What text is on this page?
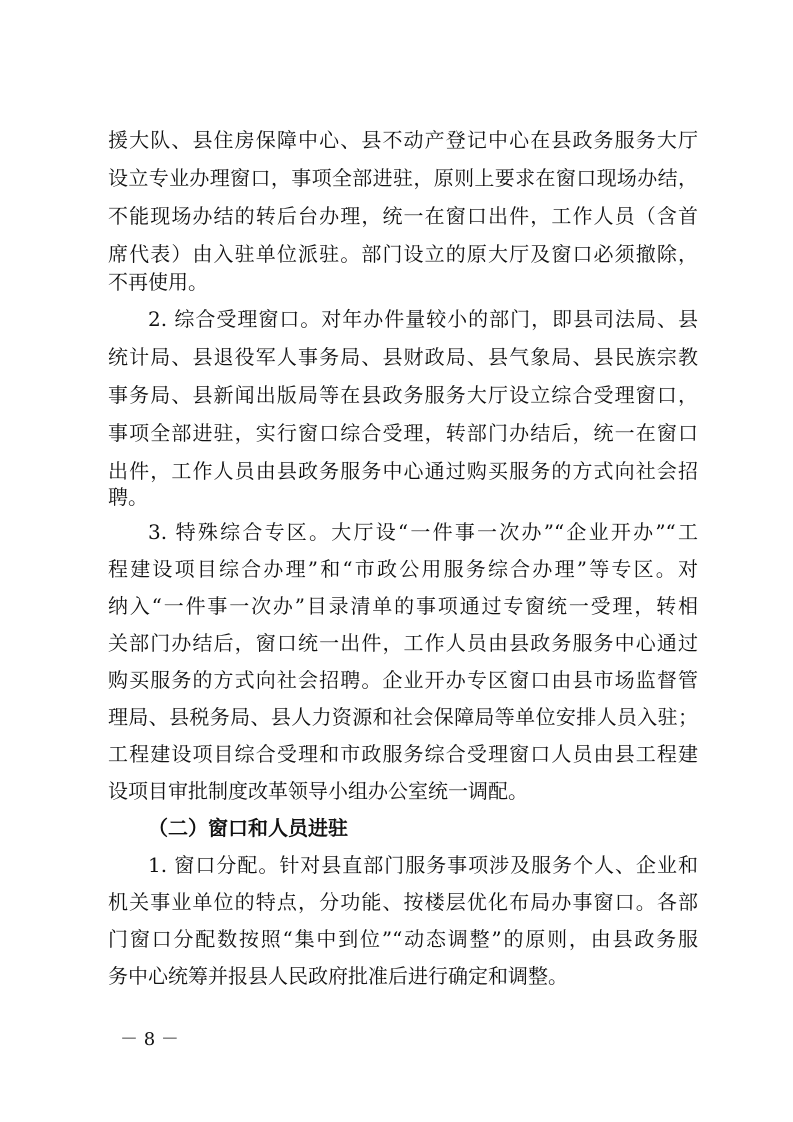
援大队、县住房保障中心、县不动产登记中心在县政务服务大厅
设立专业办理窗口，事项全部进驻，原则上要求在窗口现场办结，
不能现场办结的转后台办理，统一在窗口出件，工作人员（含首
席代表）由入驻单位派驻。部门设立的原大厅及窗口必须撤除，
不再使用。
2. 综合受理窗口。对年办件量较小的部门，即县司法局、县
统计局、县退役军人事务局、县财政局、县气象局、县民族宗教
事务局、县新闻出版局等在县政务服务大厅设立综合受理窗口，
事项全部进驻，实行窗口综合受理，转部门办结后，统一在窗口
出件，工作人员由县政务服务中心通过购买服务的方式向社会招
聘。
3. 特殊综合专区。大厅设“一件事一次办”“企业开办”“工
程建设项目综合办理”和“市政公用服务综合办理”等专区。对
纳入“一件事一次办”目录清单的事项通过专窗统一受理，转相
关部门办结后，窗口统一出件，工作人员由县政务服务中心通过
购买服务的方式向社会招聘。企业开办专区窗口由县市场监督管
理局、县税务局、县人力资源和社会保障局等单位安排人员入驻；
工程建设项目综合受理和市政服务综合受理窗口人员由县工程建
设项目审批制度改革领导小组办公室统一调配。
（二）窗口和人员进驻
1. 窗口分配。针对县直部门服务事项涉及服务个人、企业和
机关事业单位的特点，分功能、按楼层优化布局办事窗口。各部
门窗口分配数按照“集中到位”“动态调整”的原则，由县政务服
务中心统筹并报县人民政府批准后进行确定和调整。
－ 8 －
